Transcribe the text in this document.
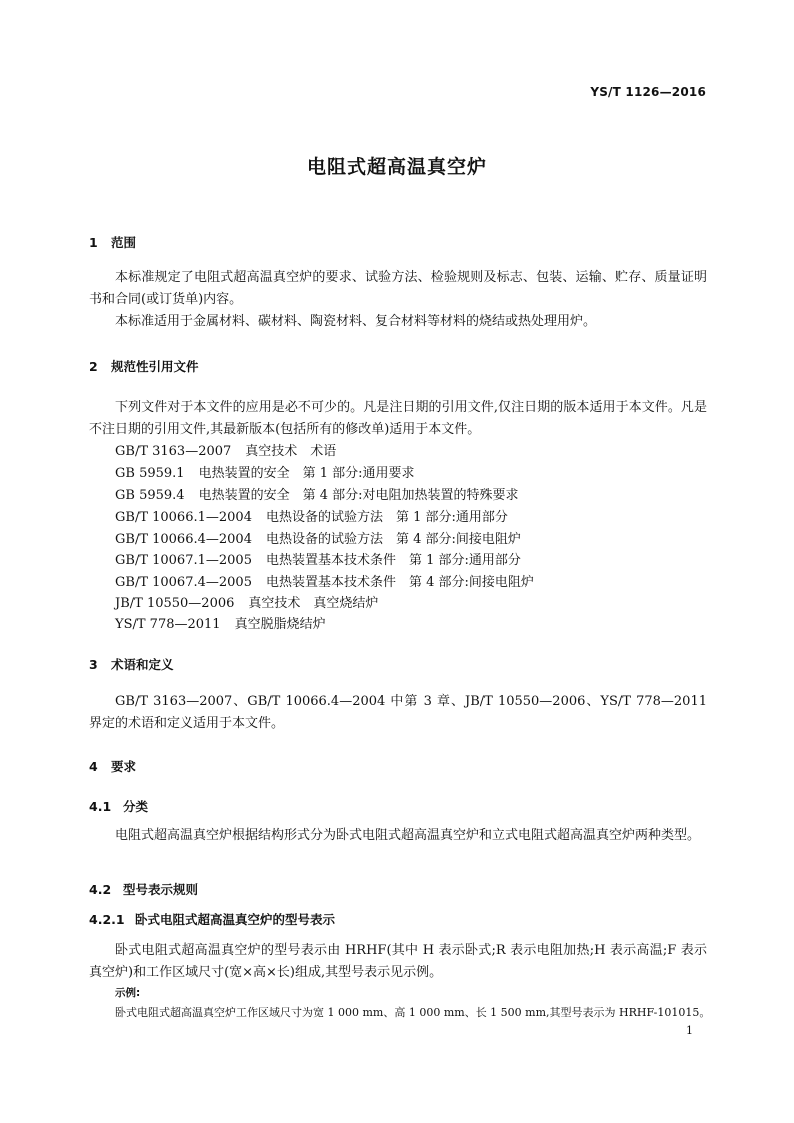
YS/T 1126—2016
电阻式超高温真空炉
1 范围
本标准规定了电阻式超高温真空炉的要求、试验方法、检验规则及标志、包装、运输、贮存、质量证明书和合同(或订货单)内容。
本标准适用于金属材料、碳材料、陶瓷材料、复合材料等材料的烧结或热处理用炉。
2 规范性引用文件
下列文件对于本文件的应用是必不可少的。凡是注日期的引用文件,仅注日期的版本适用于本文件。凡是不注日期的引用文件,其最新版本(包括所有的修改单)适用于本文件。
GB/T 3163—2007 真空技术　术语
GB 5959.1 电热装置的安全　第 1 部分:通用要求
GB 5959.4 电热装置的安全　第 4 部分:对电阻加热装置的特殊要求
GB/T 10066.1—2004 电热设备的试验方法　第 1 部分:通用部分
GB/T 10066.4—2004 电热设备的试验方法　第 4 部分:间接电阻炉
GB/T 10067.1—2005 电热装置基本技术条件　第 1 部分:通用部分
GB/T 10067.4—2005 电热装置基本技术条件　第 4 部分:间接电阻炉
JB/T 10550—2006 真空技术　真空烧结炉
YS/T 778—2011 真空脱脂烧结炉
3 术语和定义
GB/T 3163—2007、GB/T 10066.4—2004 中第 3 章、JB/T 10550—2006、YS/T 778—2011 界定的术语和定义适用于本文件。
4 要求
4.1 分类
电阻式超高温真空炉根据结构形式分为卧式电阻式超高温真空炉和立式电阻式超高温真空炉两种类型。
4.2 型号表示规则
4.2.1 卧式电阻式超高温真空炉的型号表示
卧式电阻式超高温真空炉的型号表示由 HRHF(其中 H 表示卧式;R 表示电阻加热;H 表示高温;F 表示真空炉)和工作区域尺寸(宽×高×长)组成,其型号表示见示例。
示例:
卧式电阻式超高温真空炉工作区域尺寸为宽 1 000 mm、高 1 000 mm、长 1 500 mm,其型号表示为 HRHF-101015。
1
